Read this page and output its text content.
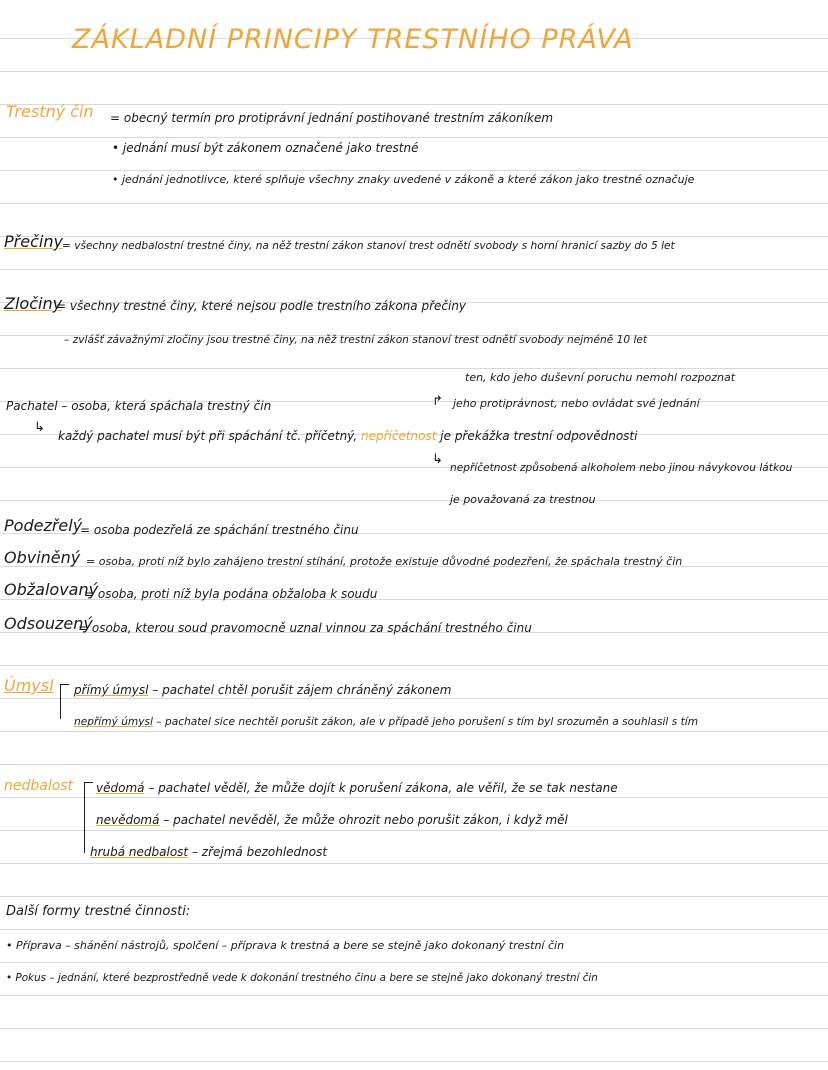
ZÁKLADNÍ PRINCIPY TRESTNÍHO PRÁVA
Trestný čin = obecný termín pro protiprávní jednání postihované trestním zákoníkem
• jednání musí být zákonem označené jako trestné
• jednání jednotlivce, které splňuje všechny znaky uvedené v zákoně a které zákon jako trestné označuje
Přečiny = všechny nedbalostní trestné činy, na něž trestní zákon stanoví trest odnětí svobody s horní hranicí sazby do 5 let
Zločiny
= všechny trestné činy, které nejsou podle trestního zákona přečiny
– zvlášť závažnými zločiny jsou trestné činy, na něž trestní zákon stanoví trest odnětí svobody nejméně 10 let
ten, kdo jeho duševní poruchu nemohl rozpoznat
Pachatel – osoba, která spáchala trestný čin	↱ jeho protiprávnost, nebo ovládat své jednání
↳
každý pachatel musí být při spáchání tč. příčetný, nepříčetnost je překážka trestní odpovědnosti
↳
nepříčetnost způsobená alkoholem nebo jinou návykovou látkou
je považovaná za trestnou
Podezřelý
= osoba podezřelá ze spáchání trestného činu
Obviněný = osoba, proti níž bylo zahájeno trestní stíhání, protože existuje důvodné podezření, že spáchala trestný čin
Obžalovaný
= osoba, proti níž byla podána obžaloba k soudu
Odsouzený
= osoba, kterou soud pravomocně uznal vinnou za spáchání trestného činu
Úmysl přímý úmysl – pachatel chtěl porušit zájem chráněný zákonem
nepřímý úmysl – pachatel sice nechtěl porušit zákon, ale v případě jeho porušení s tím byl srozuměn a souhlasil s tím
nedbalost vědomá – pachatel věděl, že může dojít k porušení zákona, ale věřil, že se tak nestane
nevědomá – pachatel nevěděl, že může ohrozit nebo porušit zákon, i když měl
hrubá nedbalost – zřejmá bezohlednost
Další formy trestné činnosti:
• Příprava – shánění nástrojů, spolčení – příprava k trestná a bere se stejně jako dokonaný trestní čin
• Pokus – jednání, které bezprostředně vede k dokonání trestného činu a bere se stejně jako dokonaný trestní čin
